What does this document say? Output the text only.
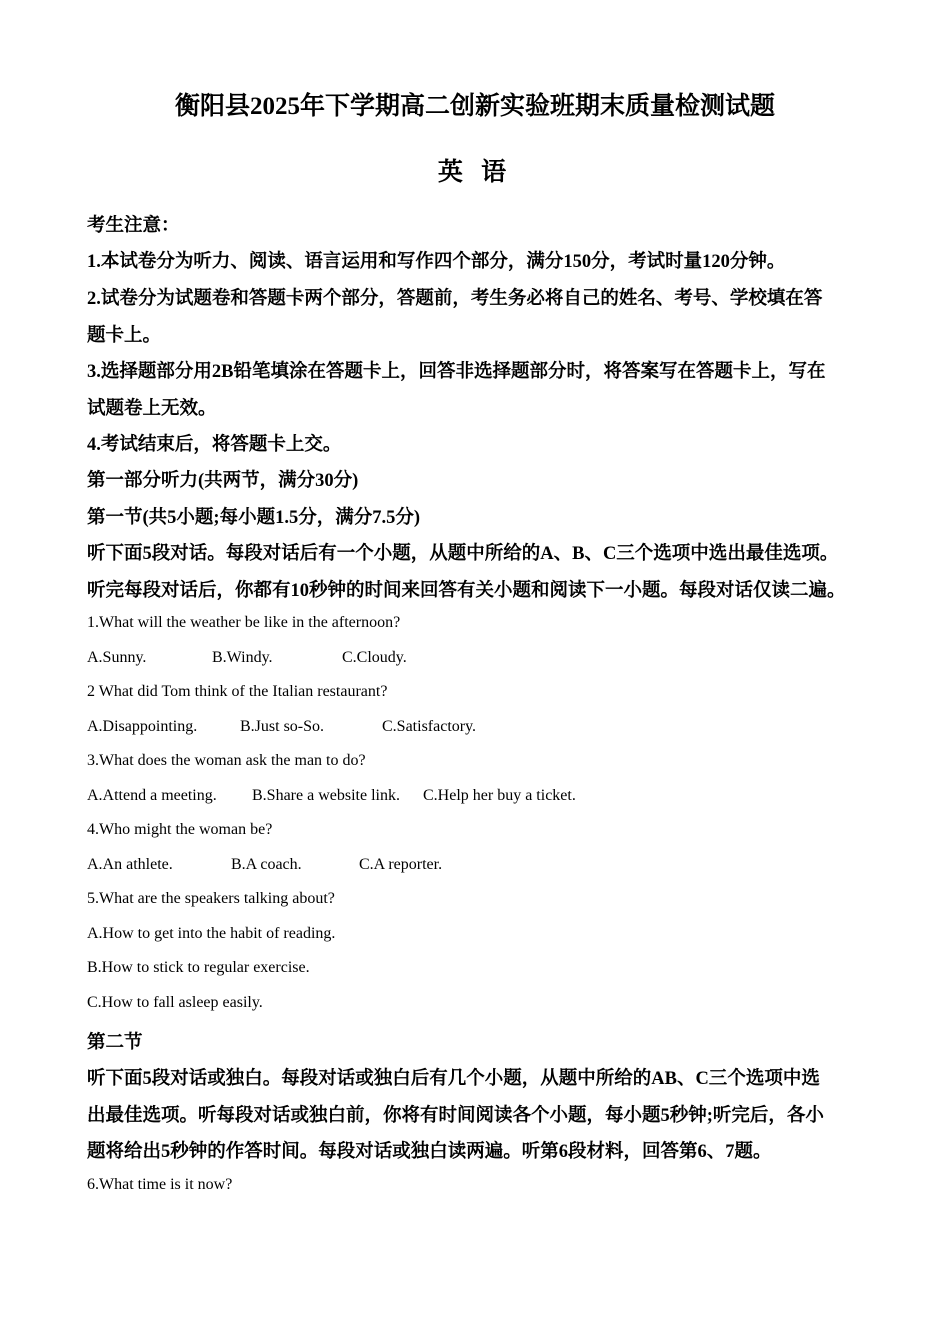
衡阳县2025年下学期高二创新实验班期末质量检测试题
英 语
考生注意：
1.本试卷分为听力、阅读、语言运用和写作四个部分，满分150分，考试时量120分钟。
2.试卷分为试题卷和答题卡两个部分，答题前，考生务必将自己的姓名、考号、学校填在答
题卡上。
3.选择题部分用2B铅笔填涂在答题卡上，回答非选择题部分时，将答案写在答题卡上，写在
试题卷上无效。
4.考试结束后，将答题卡上交。
第一部分听力(共两节，满分30分)
第一节(共5小题;每小题1.5分，满分7.5分)
听下面5段对话。每段对话后有一个小题，从题中所给的A、B、C三个选项中选出最佳选项。
听完每段对话后，你都有10秒钟的时间来回答有关小题和阅读下一小题。每段对话仅读二遍。
1.What will the weather be like in the afternoon?
A.Sunny.	B.Windy.	C.Cloudy.
2 What did Tom think of the Italian restaurant?
A.Disappointing.	B.Just so-So.	C.Satisfactory.
3.What does the woman ask the man to do?
A.Attend a meeting. B.Share a website link. C.Help her buy a ticket.
4.Who might the woman be?
A.An athlete.	B.A coach.	C.A reporter.
5.What are the speakers talking about?
A.How to get into the habit of reading.
B.How to stick to regular exercise.
C.How to fall asleep easily.
第二节
听下面5段对话或独白。每段对话或独白后有几个小题，从题中所给的AB、C三个选项中选
出最佳选项。听每段对话或独白前，你将有时间阅读各个小题，每小题5秒钟;听完后，各小
题将给出5秒钟的作答时间。每段对话或独白读两遍。听第6段材料，回答第6、7题。
6.What time is it now?
